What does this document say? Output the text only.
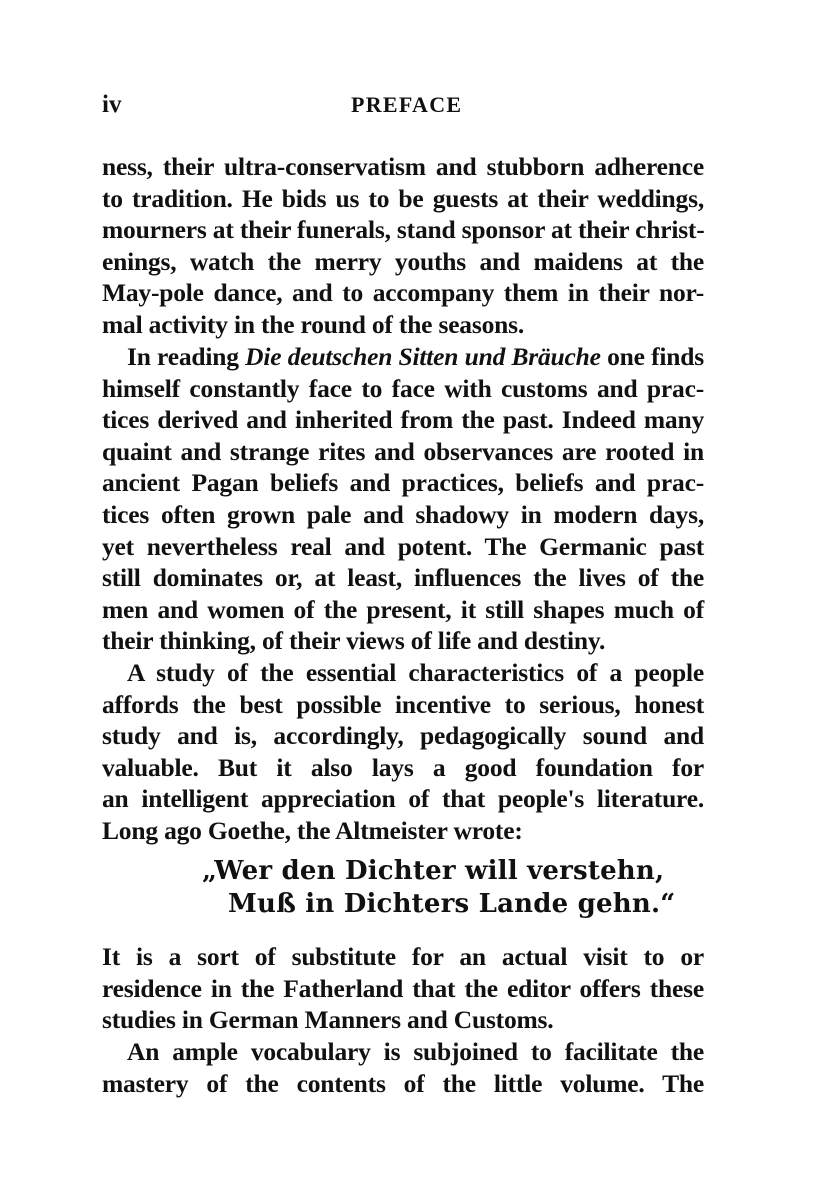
iv	PREFACE
ness, their ultra-conservatism and stubborn adherence
to tradition. He bids us to be guests at their weddings,
mourners at their funerals, stand sponsor at their christ-
enings, watch the merry youths and maidens at the
May-pole dance, and to accompany them in their nor-
mal activity in the round of the seasons.
In reading Die deutschen Sitten und Bräuche one finds
himself constantly face to face with customs and prac-
tices derived and inherited from the past. Indeed many
quaint and strange rites and observances are rooted in
ancient Pagan beliefs and practices, beliefs and prac-
tices often grown pale and shadowy in modern days,
yet nevertheless real and potent. The Germanic past
still dominates or, at least, influences the lives of the
men and women of the present, it still shapes much of
their thinking, of their views of life and destiny.
A study of the essential characteristics of a people
affords the best possible incentive to serious, honest
study and is, accordingly, pedagogically sound and
valuable. But it also lays a good foundation for
an intelligent appreciation of that people's literature.
Long ago Goethe, the Altmeister wrote:
„Wer den Dichter will verstehn,
Muß in Dichters Lande gehn.“
It is a sort of substitute for an actual visit to or
residence in the Fatherland that the editor offers these
studies in German Manners and Customs.
An ample vocabulary is subjoined to facilitate the
mastery of the contents of the little volume. The
